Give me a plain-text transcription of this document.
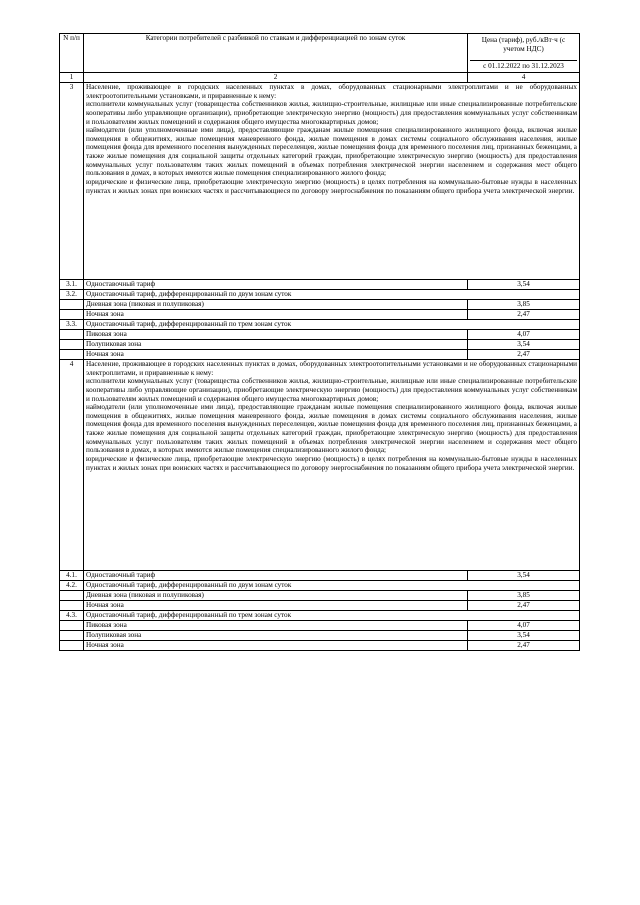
N п/п	Категории потребителей с разбивкой по ставкам и дифференциацией по зонам суток	Цена (тариф), руб./кВт·ч (с учетом НДС)
с 01.12.2022 по 31.12.2023

1	2	4
3	Население, проживающее в городских населенных пунктах в домах, оборудованных стационарными электроплитами и не оборудованных электроотопительными установками, и приравненные к нему:

исполнители коммунальных услуг (товарищества собственников жилья, жилищно-строительные, жилищные или иные специализированные потребительские кооперативы либо управляющие организации), приобретающие электрическую энергию (мощность) для предоставления коммунальных услуг собственникам и пользователям жилых помещений и содержания общего имущества многоквартирных домов;

наймодатели (или уполномоченные ими лица), предоставляющие гражданам жилые помещения специализированного жилищного фонда, включая жилые помещения в общежитиях, жилые помещения маневренного фонда, жилые помещения в домах системы социального обслуживания населения, жилые помещения фонда для временного поселения вынужденных переселенцев, жилые помещения фонда для временного поселения лиц, признанных беженцами, а также жилые помещения для социальной защиты отдельных категорий граждан, приобретающие электрическую энергию (мощность) для предоставления коммунальных услуг пользователям таких жилых помещений в объемах потребления электрической энергии населением и содержания мест общего пользования в домах, в которых имеются жилые помещения специализированного жилого фонда;

юридические и физические лица, приобретающие электрическую энергию (мощность) в целях потребления на коммунально-бытовые нужды в населенных пунктах и жилых зонах при воинских частях и рассчитывающиеся по договору энергоснабжения по показаниям общего прибора учета электрической энергии.	

3.1.	Одноставочный тариф	3,54
3.2.	Одноставочный тариф, дифференцированный по двум зонам суток	
	Дневная зона (пиковая и полупиковая)	3,85
	Ночная зона	2,47
3.3.	Одноставочный тариф, дифференцированный по трем зонам суток	
	Пиковая зона	4,07
	Полупиковая зона	3,54
	Ночная зона	2,47
4	Население, проживающее в городских населенных пунктах в домах, оборудованных электроотопительными установками и не оборудованных стационарными электроплитами, и приравненные к нему:

исполнители коммунальных услуг (товарищества собственников жилья, жилищно-строительные, жилищные или иные специализированные потребительские кооперативы либо управляющие организации), приобретающие электрическую энергию (мощность) для предоставления коммунальных услуг собственникам и пользователям жилых помещений и содержания общего имущества многоквартирных домов;

наймодатели (или уполномоченные ими лица), предоставляющие гражданам жилые помещения специализированного жилищного фонда, включая жилые помещения в общежитиях, жилые помещения маневренного фонда, жилые помещения в домах системы социального обслуживания населения, жилые помещения фонда для временного поселения вынужденных переселенцев, жилые помещения фонда для временного поселения лиц, признанных беженцами, а также жилые помещения для социальной защиты отдельных категорий граждан, приобретающие электрическую энергию (мощность) для предоставления коммунальных услуг пользователям таких жилых помещений в объемах потребления электрической энергии населением и содержания мест общего пользования в домах, в которых имеются жилые помещения специализированного жилого фонда;

юридические и физические лица, приобретающие электрическую энергию (мощность) в целях потребления на коммунально-бытовые нужды в населенных пунктах и жилых зонах при воинских частях и рассчитывающиеся по договору энергоснабжения по показаниям общего прибора учета электрической энергии.	

4.1.	Одноставочный тариф	3,54
4.2.	Одноставочный тариф, дифференцированный по двум зонам суток	
	Дневная зона (пиковая и полупиковая)	3,85
	Ночная зона	2,47
4.3.	Одноставочный тариф, дифференцированный по трем зонам суток	
	Пиковая зона	4,07
	Полупиковая зона	3,54
	Ночная зона	2,47
